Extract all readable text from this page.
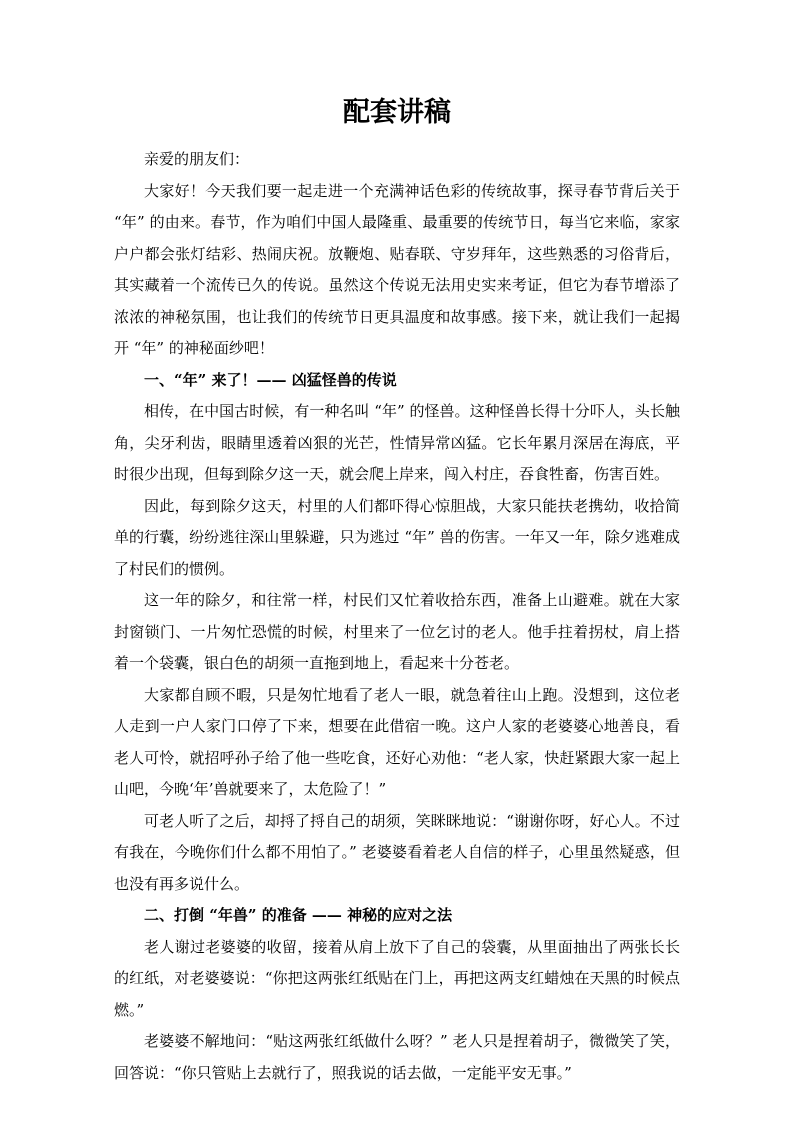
配套讲稿

亲爱的朋友们：

大家好！今天我们要一起走进一个充满神话色彩的传统故事，探寻春节背后关于 “年” 的由来。春节，作为咱们中国人最隆重、最重要的传统节日，每当它来临，家家户户都会张灯结彩、热闹庆祝。放鞭炮、贴春联、守岁拜年，这些熟悉的习俗背后，其实藏着一个流传已久的传说。虽然这个传说无法用史实来考证，但它为春节增添了浓浓的神秘氛围，也让我们的传统节日更具温度和故事感。接下来，就让我们一起揭开 “年” 的神秘面纱吧！

一、“年” 来了！—— 凶猛怪兽的传说

相传，在中国古时候，有一种名叫 “年” 的怪兽。这种怪兽长得十分吓人，头长触角，尖牙利齿，眼睛里透着凶狠的光芒，性情异常凶猛。它长年累月深居在海底，平时很少出现，但每到除夕这一天，就会爬上岸来，闯入村庄，吞食牲畜，伤害百姓。

因此，每到除夕这天，村里的人们都吓得心惊胆战，大家只能扶老携幼，收拾简单的行囊，纷纷逃往深山里躲避，只为逃过 “年” 兽的伤害。一年又一年，除夕逃难成了村民们的惯例。

这一年的除夕，和往常一样，村民们又忙着收拾东西，准备上山避难。就在大家封窗锁门、一片匆忙恐慌的时候，村里来了一位乞讨的老人。他手拄着拐杖，肩上搭着一个袋囊，银白色的胡须一直拖到地上，看起来十分苍老。

大家都自顾不暇，只是匆忙地看了老人一眼，就急着往山上跑。没想到，这位老人走到一户人家门口停了下来，想要在此借宿一晚。这户人家的老婆婆心地善良，看老人可怜，就招呼孙子给了他一些吃食，还好心劝他：“老人家，快赶紧跟大家一起上山吧，今晚‘年’兽就要来了，太危险了！”

可老人听了之后，却捋了捋自己的胡须，笑眯眯地说：“谢谢你呀，好心人。不过有我在，今晚你们什么都不用怕了。” 老婆婆看着老人自信的样子，心里虽然疑惑，但也没有再多说什么。

二、打倒 “年兽” 的准备 —— 神秘的应对之法

老人谢过老婆婆的收留，接着从肩上放下了自己的袋囊，从里面抽出了两张长长的红纸，对老婆婆说：“你把这两张红纸贴在门上，再把这两支红蜡烛在天黑的时候点燃。”

老婆婆不解地问：“贴这两张红纸做什么呀？” 老人只是捏着胡子，微微笑了笑，回答说：“你只管贴上去就行了，照我说的话去做，一定能平安无事。”
